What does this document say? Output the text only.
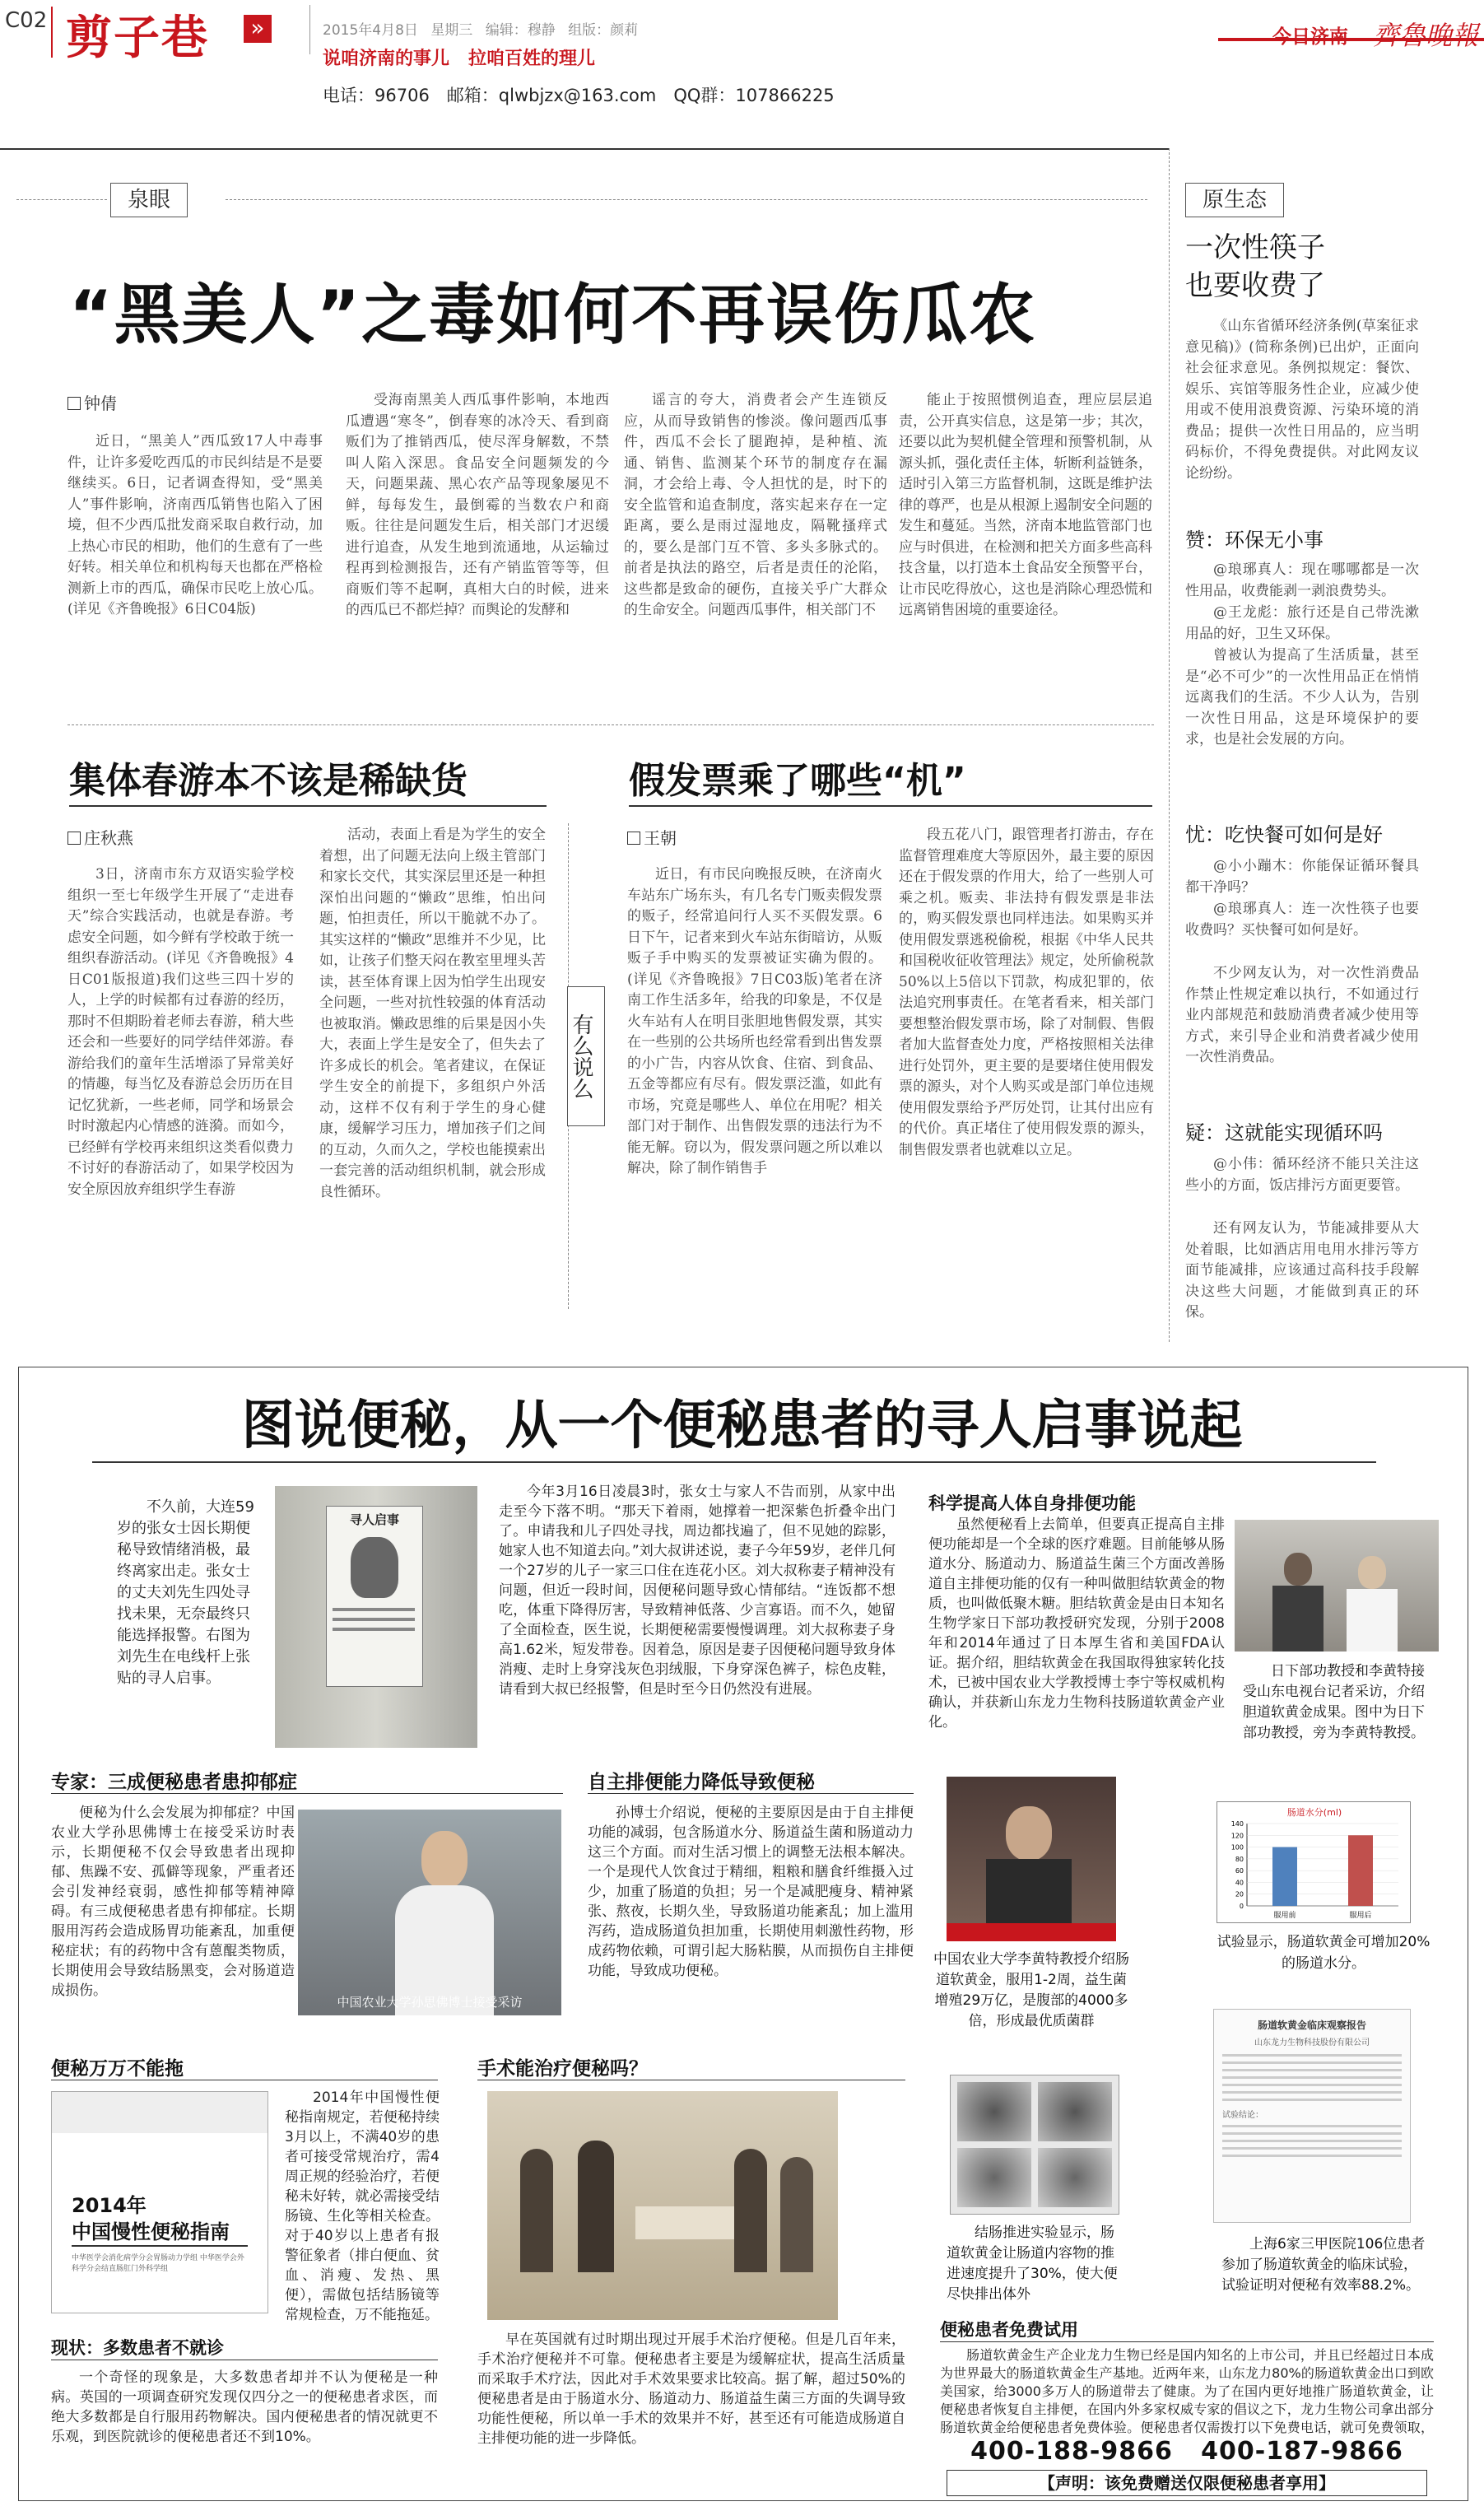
C02 剪子巷	»	2015年4月8日 星期三 编辑：穆静 组版：颜莉
说咱济南的事儿 拉咱百姓的理儿
电话：96706　邮箱：qlwbjzx@163.com　QQ群：107866225
今日济南 齊魯晚報
泉眼
“黑美人”之毒如何不再误伤瓜农
钟倩
近日，“黑美人”西瓜致17人中毒事件，让许多爱吃西瓜的市民纠结是不是要继续买。6日，记者调查得知，受“黑美人”事件影响，济南西瓜销售也陷入了困境，但不少西瓜批发商采取自救行动，加上热心市民的相助，他们的生意有了一些好转。相关单位和机构每天也都在严格检测新上市的西瓜，确保市民吃上放心瓜。(详见《齐鲁晚报》6日C04版)
受海南黑美人西瓜事件影响，本地西瓜遭遇“寒冬”，倒春寒的冰冷天、看到商贩们为了推销西瓜，使尽浑身解数，不禁叫人陷入深思。食品安全问题频发的今天，问题果蔬、黑心农产品等现象屡见不鲜，每每发生，最倒霉的当数农户和商贩。往往是问题发生后，相关部门才迟缓进行追查，从发生地到流通地，从运输过程再到检测报告，还有产销监管等等，但商贩们等不起啊，真相大白的时候，进来的西瓜已不都烂掉？而舆论的发酵和
谣言的夸大，消费者会产生连锁反应，从而导致销售的惨淡。像问题西瓜事件，西瓜不会长了腿跑掉，是种植、流通、销售、监测某个环节的制度存在漏洞，才会给上毒、令人担忧的是，时下的安全监管和追查制度，落实起来存在一定距离，要么是雨过湿地皮，隔靴搔痒式的，要么是部门互不管、多头多脉式的。前者是执法的路空，后者是责任的沦陷，这些都是致命的硬伤，直接关乎广大群众的生命安全。问题西瓜事件，相关部门不
能止于按照惯例追查，理应层层追责，公开真实信息，这是第一步；其次，还要以此为契机健全管理和预警机制，从源头抓，强化责任主体，斩断利益链条，适时引入第三方监督机制，这既是维护法律的尊严，也是从根源上遏制安全问题的发生和蔓延。当然，济南本地监管部门也应与时俱进，在检测和把关方面多些高科技含量，以打造本土食品安全预警平台，让市民吃得放心，这也是消除心理恐慌和远离销售困境的重要途径。
集体春游本不该是稀缺货
庄秋燕
3日，济南市东方双语实验学校组织一至七年级学生开展了“走进春天”综合实践活动，也就是春游。考虑安全问题，如今鲜有学校敢于统一组织春游活动。(详见《齐鲁晚报》4日C01版报道)我们这些三四十岁的人，上学的时候都有过春游的经历，那时不但期盼着老师去春游，稍大些还会和一些要好的同学结伴郊游。春游给我们的童年生活增添了异常美好的情趣，每当忆及春游总会历历在目记忆犹新，一些老师，同学和场景会时时激起内心情感的涟漪。而如今，已经鲜有学校再来组织这类看似费力不讨好的春游活动了，如果学校因为安全原因放弃组织学生春游
活动，表面上看是为学生的安全着想，出了问题无法向上级主管部门和家长交代，其实深层里还是一种担深怕出问题的“懒政”思维，怕出问题，怕担责任，所以干脆就不办了。其实这样的“懒政”思维并不少见，比如，让孩子们整天闷在教室里埋头苦读，甚至体育课上因为怕学生出现安全问题，一些对抗性较强的体育活动也被取消。懒政思维的后果是因小失大，表面上学生是安全了，但失去了许多成长的机会。笔者建议，在保证学生安全的前提下，多组织户外活动，这样不仅有利于学生的身心健康，缓解学习压力，增加孩子们之间的互动，久而久之，学校也能摸索出一套完善的活动组织机制，就会形成良性循环。
有么说么
假发票乘了哪些“机”
王朝
近日，有市民向晚报反映，在济南火车站东广场东头，有几名专门贩卖假发票的贩子，经常追问行人买不买假发票。6日下午，记者来到火车站东街暗访，从贩贩子手中购买的发票被证实确为假的。(详见《齐鲁晚报》7日C03版)笔者在济南工作生活多年，给我的印象是，不仅是火车站有人在明目张胆地售假发票，其实在一些别的公共场所也经常看到出售发票的小广告，内容从饮食、住宿、到食品、五金等都应有尽有。假发票泛滥，如此有市场，究竟是哪些人、单位在用呢？相关部门对于制作、出售假发票的违法行为不能无解。窃以为，假发票问题之所以难以解决，除了制作销售手
段五花八门，跟管理者打游击，存在监督管理难度大等原因外，最主要的原因还在于假发票的作用大，给了一些别人可乘之机。贩卖、非法持有假发票是非法的，购买假发票也同样违法。如果购买并使用假发票逃税偷税，根据《中华人民共和国税收征收管理法》规定，处所偷税款50%以上5倍以下罚款，构成犯罪的，依法追究刑事责任。在笔者看来，相关部门要想整治假发票市场，除了对制假、售假者加大监督查处力度，严格按照相关法律进行处罚外，更主要的是要堵住使用假发票的源头，对个人购买或是部门单位违规使用假发票给予严厉处罚，让其付出应有的代价。真正堵住了使用假发票的源头，制售假发票者也就难以立足。
原生态
一次性筷子
也要收费了
《山东省循环经济条例(草案征求意见稿)》(简称条例)已出炉，正面向社会征求意见。条例拟规定：餐饮、娱乐、宾馆等服务性企业，应减少使用或不使用浪费资源、污染环境的消费品；提供一次性日用品的，应当明码标价，不得免费提供。对此网友议论纷纷。
赞：环保无小事
@琅琊真人：现在哪哪都是一次性用品，收费能剥一剥浪费势头。
@王龙彪：旅行还是自己带洗漱用品的好，卫生又环保。
曾被认为提高了生活质量，甚至是“必不可少”的一次性用品正在悄悄远离我们的生活。不少人认为，告别一次性日用品，这是环境保护的要求，也是社会发展的方向。
忧：吃快餐可如何是好
@小小蹦木：你能保证循环餐具都干净吗？
@琅琊真人：连一次性筷子也要收费吗？买快餐可如何是好。
不少网友认为，对一次性消费品作禁止性规定难以执行，不如通过行业内部规范和鼓励消费者减少使用等方式，来引导企业和消费者减少使用一次性消费品。
疑：这就能实现循环吗
@小伟：循环经济不能只关注这些小的方面，饭店排污方面更要管。
还有网友认为，节能减排要从大处着眼，比如酒店用电用水排污等方面节能减排，应该通过高科技手段解决这些大问题，才能做到真正的环保。
图说便秘，从一个便秘患者的寻人启事说起
不久前，大连59岁的张女士因长期便秘导致情绪消极，最终离家出走。张女士的丈夫刘先生四处寻找未果，无奈最终只能选择报警。右图为刘先生在电线杆上张贴的寻人启事。
寻人启事
今年3月16日凌晨3时，张女士与家人不告而别，从家中出走至今下落不明。“那天下着雨，她撑着一把深紫色折叠伞出门了。申请我和儿子四处寻找，周边都找遍了，但不见她的踪影，她家人也不知道去向。”刘大叔讲述说，妻子今年59岁，老伴几何一个27岁的儿子一家三口住在连花小区。刘大叔称妻子精神没有问题，但近一段时间，因便秘问题导致心情郁结。“连饭都不想吃，体重下降得厉害，导致精神低落、少言寡语。而不久，她留了全面检查，医生说，长期便秘需要慢慢调理。刘大叔称妻子身高1.62米，短发带卷。因着急，原因是妻子因便秘问题导致身体消瘦、走时上身穿浅灰色羽绒服，下身穿深色裤子，棕色皮鞋，请看到大叔已经报警，但是时至今日仍然没有进展。
专家：三成便秘患者患抑郁症
便秘为什么会发展为抑郁症？中国农业大学孙思佛博士在接受采访时表示，长期便秘不仅会导致患者出现抑郁、焦躁不安、孤僻等现象，严重者还会引发神经衰弱，感性抑郁等精神障碍。有三成便秘患者患有抑郁症。长期服用泻药会造成肠胃功能紊乱，加重便秘症状；有的药物中含有蒽醌类物质，长期使用会导致结肠黑变，会对肠道造成损伤。
中国农业大学孙思佛博士接受采访
自主排便能力降低导致便秘
孙博士介绍说，便秘的主要原因是由于自主排便功能的减弱，包含肠道水分、肠道益生菌和肠道动力这三个方面。而对生活习惯上的调整无法根本解决。一个是现代人饮食过于精细，粗粮和膳食纤维摄入过少，加重了肠道的负担；另一个是减肥瘦身、精神紧张、熬夜，长期久坐，导致肠道功能紊乱；加上滥用泻药，造成肠道负担加重，长期使用刺激性药物，形成药物依赖，可谓引起大肠粘膜，从而损伤自主排便功能，导致成功便秘。
科学提高人体自身排便功能
虽然便秘看上去简单，但要真正提高自主排便功能却是一个全球的医疗难题。目前能够从肠道水分、肠道动力、肠道益生菌三个方面改善肠道自主排便功能的仅有一种叫做胆结软黄金的物质，也叫做低聚木糖。胆结软黄金是由日本知名生物学家日下部功教授研究发现，分别于2008年和2014年通过了日本厚生省和美国FDA认证。据介绍，胆结软黄金在我国取得独家转化技术，已被中国农业大学教授博士李宁等权威机构确认，并获新山东龙力生物科技肠道软黄金产业化。
日下部功教授和李黄特接受山东电视台记者采访，介绍胆道软黄金成果。图中为日下部功教授，旁为李黄特教授。
中国农业大学李黄特教授介绍肠道软黄金，服用1-2周，益生菌增殖29万亿，是腹部的4000多倍，形成最优质菌群
肠道水分(ml)
0
20
40
60
80
100
120
140
服用前	服用后
试验显示，肠道软黄金可增加20%的肠道水分。
结肠推进实验显示，肠道软黄金让肠道内容物的推进速度提升了30%，使大便尽快排出体外
肠道软黄金临床观察报告
山东龙力生物科技股份有限公司
试验结论：
上海6家三甲医院106位患者参加了肠道软黄金的临床试验，试验证明对便秘有效率88.2%。
便秘万万不能拖
2014年
中国慢性便秘指南
中华医学会消化病学分会胃肠动力学组 中华医学会外科学分会结直肠肛门外科学组
2014年中国慢性便秘指南规定，若便秘持续3月以上，不满40岁的患者可接受常规治疗，需4周正规的经验治疗，若便秘未好转，就必需接受结肠镜、生化等相关检查。对于40岁以上患者有报警征象者（排白便血、贫血、消瘦、发热、黑便），需做包括结肠镜等常规检查，万不能拖延。
现状：多数患者不就诊
一个奇怪的现象是，大多数患者却并不认为便秘是一种病。英国的一项调查研究发现仅四分之一的便秘患者求医，而绝大多数都是自行服用药物解决。国内便秘患者的情况就更不乐观，到医院就诊的便秘患者还不到10%。
手术能治疗便秘吗？
早在英国就有过时期出现过开展手术治疗便秘。但是几百年来，手术治疗便秘并不可靠。便秘患者主要是为缓解症状，提高生活质量而采取手术疗法，因此对手术效果要求比较高。据了解，超过50%的便秘患者是由于肠道水分、肠道动力、肠道益生菌三方面的失调导致功能性便秘，所以单一手术的效果并不好，甚至还有可能造成肠道自主排便功能的进一步降低。
便秘患者免费试用
肠道软黄金生产企业龙力生物已经是国内知名的上市公司，并且已经超过日本成为世界最大的肠道软黄金生产基地。近两年来，山东龙力80%的肠道软黄金出口到欧美国家，给3000多万人的肠道带去了健康。为了在国内更好地推广肠道软黄金，让便秘患者恢复自主排便，在国内外多家权威专家的倡议之下，龙力生物公司拿出部分肠道软黄金给便秘患者免费体验。便秘患者仅需拨打以下免费电话，就可免费领取，
400-188-9866 400-187-9866
【声明：该免费赠送仅限便秘患者享用】
